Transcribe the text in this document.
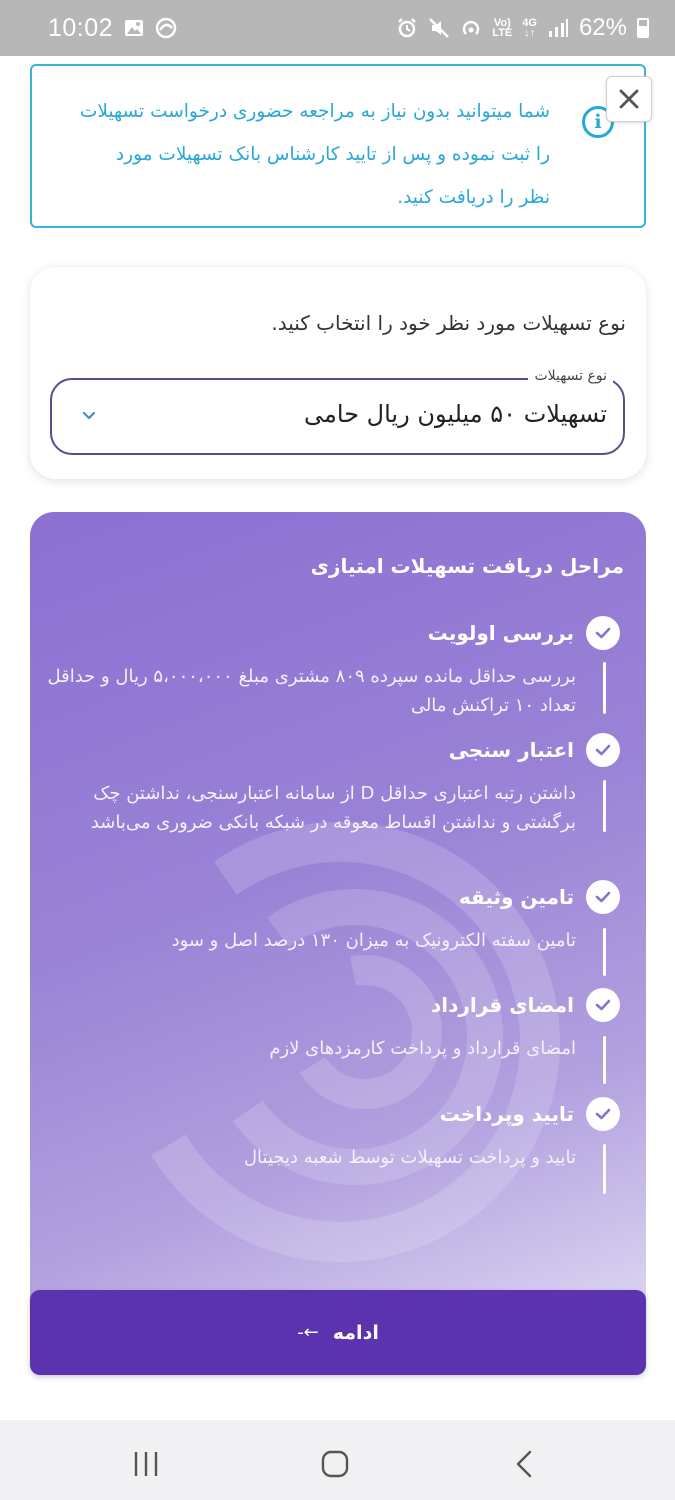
10:02	Vo)
LTE
4G
↓↑ 62%
i
شما میتوانید بدون نیاز به مراجعه حضوری درخواست تسهیلات را ثبت نموده و پس از تایید کارشناس بانک تسهیلات مورد نظر را دریافت کنید.
نوع تسهیلات مورد نظر خود را انتخاب کنید.
نوع تسهیلات
تسهیلات ۵۰ میلیون ریال حامی
مراحل دریافت تسهیلات امتیازی
بررسی اولویت
بررسی حداقل مانده سپرده ۸۰۹ مشتری مبلغ ۵،۰۰۰،۰۰۰ ریال و حداقل تعداد ۱۰ تراکنش مالی
اعتبار سنجی
داشتن رتبه اعتباری حداقل D از سامانه اعتبارسنجی، نداشتن چک برگشتی و نداشتن اقساط معوقه در شبکه بانکی ضروری می‌باشد
تامین وثیقه
تامین سفته الکترونیک به میزان ۱۳۰ درصد اصل و سود
امضای قرارداد
امضای قرارداد و پرداخت کارمزدهای لازم
تایید وپرداخت
تایید و پرداخت تسهیلات توسط شعبه دیجیتال
ادامه
←-
